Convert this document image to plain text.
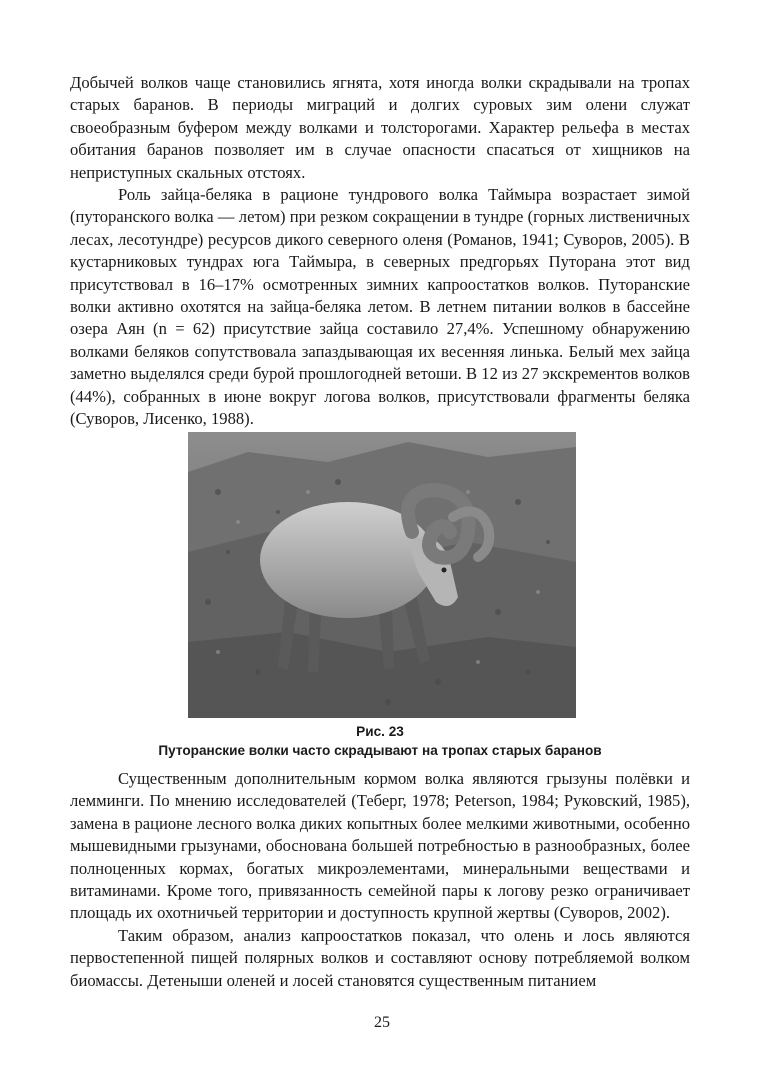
Добычей волков чаще становились ягнята, хотя иногда волки скрадывали на тропах старых баранов. В периоды миграций и долгих суровых зим олени служат своеобразным буфером между волками и толсторогами. Характер рельефа в местах обитания баранов позволяет им в случае опасности спасаться от хищников на неприступных скальных отстоях.

Роль зайца-беляка в рационе тундрового волка Таймыра возрастает зимой (путоранского волка — летом) при резком сокращении в тундре (горных лиственичных лесах, лесотундре) ресурсов дикого северного оленя (Романов, 1941; Суворов, 2005). В кустарниковых тундрах юга Таймыра, в северных предгорьях Путорана этот вид присутствовал в 16–17% осмотренных зимних капроостатков волков. Путоранские волки активно охотятся на зайца-беляка летом. В летнем питании волков в бассейне озера Аян (n = 62) присутствие зайца составило 27,4%. Успешному обнаружению волками беляков сопутствовала запаздывающая их весенняя линька. Белый мех зайца заметно выделялся среди бурой прошлогодней ветоши. В 12 из 27 экскрементов волков (44%), собранных в июне вокруг логова волков, присутствовали фрагменты беляка (Суворов, Лисенко, 1988).

Рис. 23
Путоранские волки часто скрадывают на тропах старых баранов

Существенным дополнительным кормом волка являются грызуны полёвки и лемминги. По мнению исследователей (Теберг, 1978; Peterson, 1984; Руковский, 1985), замена в рационе лесного волка диких копытных более мелкими животными, особенно мышевидными грызунами, обоснована большей потребностью в разнообразных, более полноценных кормах, богатых микроэлементами, минеральными веществами и витаминами. Кроме того, привязанность семейной пары к логову резко ограничивает площадь их охотничьей территории и доступность крупной жертвы (Суворов, 2002).

Таким образом, анализ капроостатков показал, что олень и лось являются первостепенной пищей полярных волков и составляют основу потребляемой волком биомассы. Детеныши оленей и лосей становятся существенным питанием

25
